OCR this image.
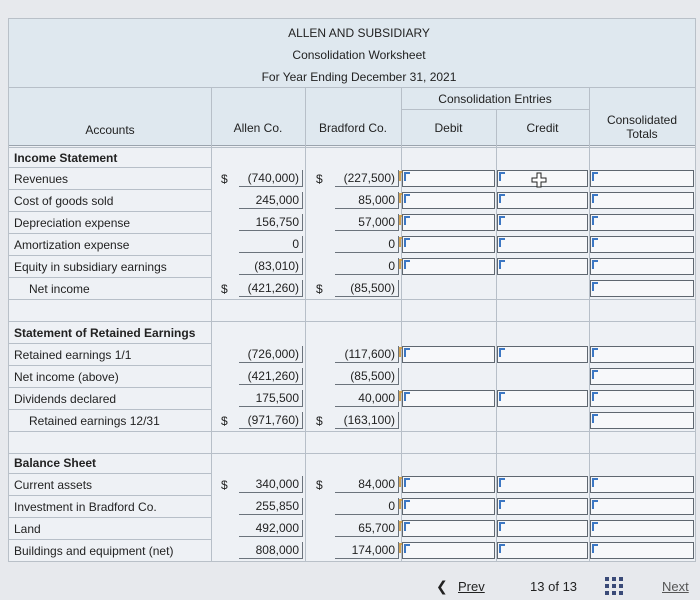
ALLEN AND SUBSIDIARY
Consolidation Worksheet
For Year Ending December 31, 2021
Consolidation Entries
Accounts	Allen Co.	Bradford Co.	Debit	Credit
Consolidated
Totals
Income Statement
Revenues	$	(740,000)	$	(227,500)
Cost of goods sold	245,000	85,000
Depreciation expense	156,750	57,000
Amortization expense	0	0
Equity in subsidiary earnings	(83,010)	0
Net income	$	(421,260)	$	(85,500)
Statement of Retained Earnings
Retained earnings 1/1	(726,000)	(117,600)
Net income (above)	(421,260)	(85,500)
Dividends declared	175,500	40,000
Retained earnings 12/31	$	(971,760)	$	(163,100)
Balance Sheet
Current assets	$	340,000	$	84,000
Investment in Bradford Co.	255,850	0
Land	492,000	65,700
Buildings and equipment (net)	808,000	174,000
❮ Prev	13 of 13	Next
